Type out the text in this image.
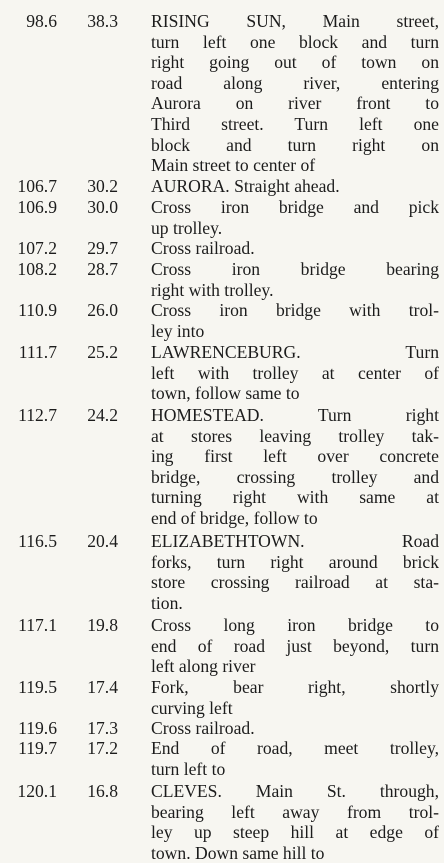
98.6	38.3 RISING SUN, Main street,
turn left one block and turn
right going out of town on
road along river, entering
Aurora on river front to
Third street. Turn left one
block and turn right on
Main street to center of
106.7	30.2 AURORA. Straight ahead.
106.9	30.0 Cross iron bridge and pick
up trolley.
107.2	29.7 Cross railroad.
108.2	28.7 Cross iron bridge bearing
right with trolley.
110.9	26.0 Cross iron bridge with trol-
ley into
111.7	25.2 LAWRENCEBURG. Turn
left with trolley at center of
town, follow same to
112.7	24.2 HOMESTEAD. Turn right
at stores leaving trolley tak-
ing first left over concrete
bridge, crossing trolley and
turning right with same at
end of bridge, follow to
116.5	20.4 ELIZABETHTOWN. Road
forks, turn right around brick
store crossing railroad at sta-
tion.
117.1	19.8 Cross long iron bridge to
end of road just beyond, turn
left along river
119.5	17.4 Fork, bear right, shortly
curving left
119.6	17.3 Cross railroad.
119.7	17.2 End of road, meet trolley,
turn left to
120.1	16.8 CLEVES. Main St. through,
bearing left away from trol-
ley up steep hill at edge of
town. Down same hill to
